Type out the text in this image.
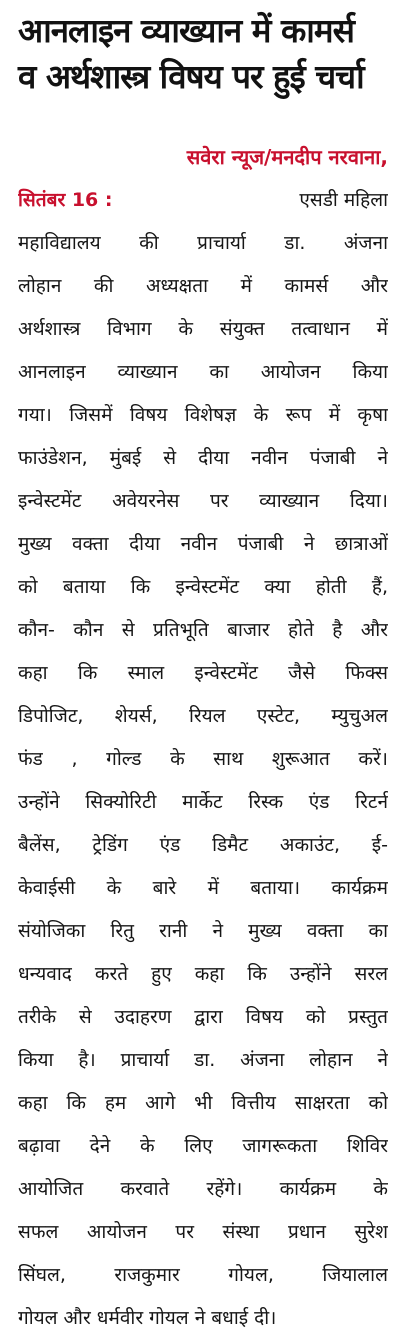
आनलाइन व्याख्यान में कामर्स
व अर्थशास्त्र विषय पर हुई चर्चा
सवेरा न्यूज/मनदीप नरवाना,
सितंबर 16 :	एसडी महिला
महाविद्यालय की प्राचार्या डा. अंजना
लोहान की अध्यक्षता में कामर्स और
अर्थशास्त्र विभाग के संयुक्त तत्वाधान में
आनलाइन व्याख्यान का आयोजन किया
गया। जिसमें विषय विशेषज्ञ के रूप में कृषा
फाउंडेशन, मुंबई से दीया नवीन पंजाबी ने
इन्वेस्टमेंट अवेयरनेस पर व्याख्यान दिया।
मुख्य वक्ता दीया नवीन पंजाबी ने छात्राओं
को बताया कि इन्वेस्टमेंट क्या होती हैं,
कौन- कौन से प्रतिभूति बाजार होते है और
कहा कि स्माल इन्वेस्टमेंट जैसे फिक्स
डिपोजिट, शेयर्स, रियल एस्टेट, म्युचुअल
फंड , गोल्ड के साथ शुरूआत करें।
उन्होंने सिक्योरिटी मार्केट रिस्क एंड रिटर्न
बैलेंस, ट्रेडिंग एंड डिमैट अकाउंट, ई-
केवाईसी के बारे में बताया। कार्यक्रम
संयोजिका रितु रानी ने मुख्य वक्ता का
धन्यवाद करते हुए कहा कि उन्होंने सरल
तरीके से उदाहरण द्वारा विषय को प्रस्तुत
किया है। प्राचार्या डा. अंजना लोहान ने
कहा कि हम आगे भी वित्तीय साक्षरता को
बढ़ावा देने के लिए जागरूकता शिविर
आयोजित करवाते रहेंगे। कार्यक्रम के
सफल आयोजन पर संस्था प्रधान सुरेश
सिंघल, राजकुमार गोयल, जियालाल
गोयल और धर्मवीर गोयल ने बधाई दी।
